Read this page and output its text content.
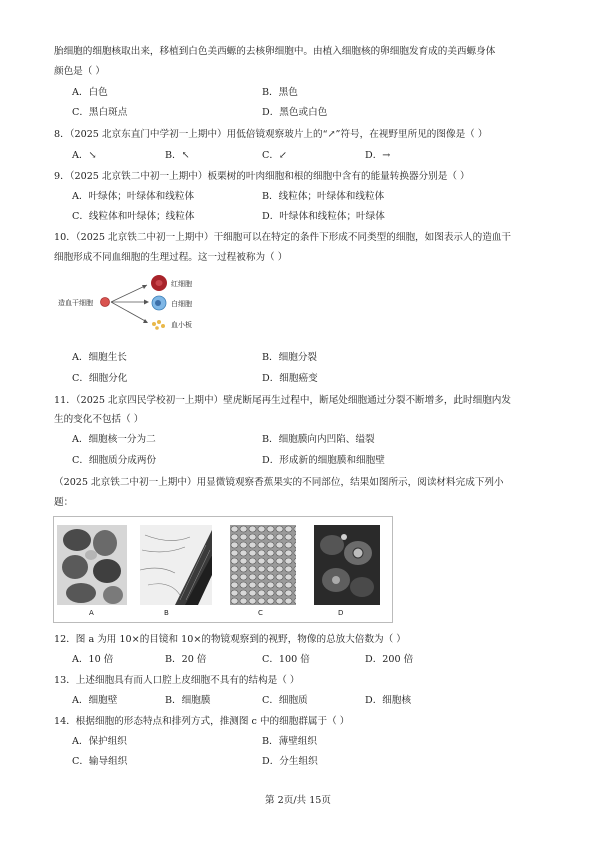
胎细胞的细胞核取出来，移植到白色美西螈的去核卵细胞中。由植入细胞核的卵细胞发育成的美西螈身体
颜色是（ ）
A．白色	B．黑色
C．黑白斑点	D．黑色或白色
8．（2025 北京东直门中学初一上期中）用低倍镜观察玻片上的“↗”符号，在视野里所见的图像是（ ）
A．↘	B．↖	C．↙	D．→
9．（2025 北京铁二中初一上期中）板栗树的叶肉细胞和根的细胞中含有的能量转换器分别是（ ）
A．叶绿体；叶绿体和线粒体	B．线粒体；叶绿体和线粒体
C．线粒体和叶绿体；线粒体	D．叶绿体和线粒体；叶绿体
10．（2025 北京铁二中初一上期中）干细胞可以在特定的条件下形成不同类型的细胞，如图表示人的造血干
细胞形成不同血细胞的生理过程。这一过程被称为（ ）
造血干细胞
红细胞
白细胞
血小板
A．细胞生长	B．细胞分裂
C．细胞分化	D．细胞癌变
11．（2025 北京四民学校初一上期中）壁虎断尾再生过程中，断尾处细胞通过分裂不断增多，此时细胞内发
生的变化不包括（ ）
A．细胞核一分为二	B．细胞膜向内凹陷、缢裂
C．细胞质分成两份	D．形成新的细胞膜和细胞壁
（2025 北京铁二中初一上期中）用显微镜观察香蕉果实的不同部位，结果如图所示，阅读材料完成下列小
题：
A	B	C	D
12．图 a 为用 10×的目镜和 10×的物镜观察到的视野，物像的总放大倍数为（ ）
A．10 倍	B．20 倍	C．100 倍	D．200 倍
13．上述细胞具有而人口腔上皮细胞不具有的结构是（ ）
A．细胞壁	B．细胞膜	C．细胞质	D．细胞核
14．根据细胞的形态特点和排列方式，推测图 c 中的细胞群属于（ ）
A．保护组织	B．薄壁组织
C．输导组织	D．分生组织
第 2页/共 15页
